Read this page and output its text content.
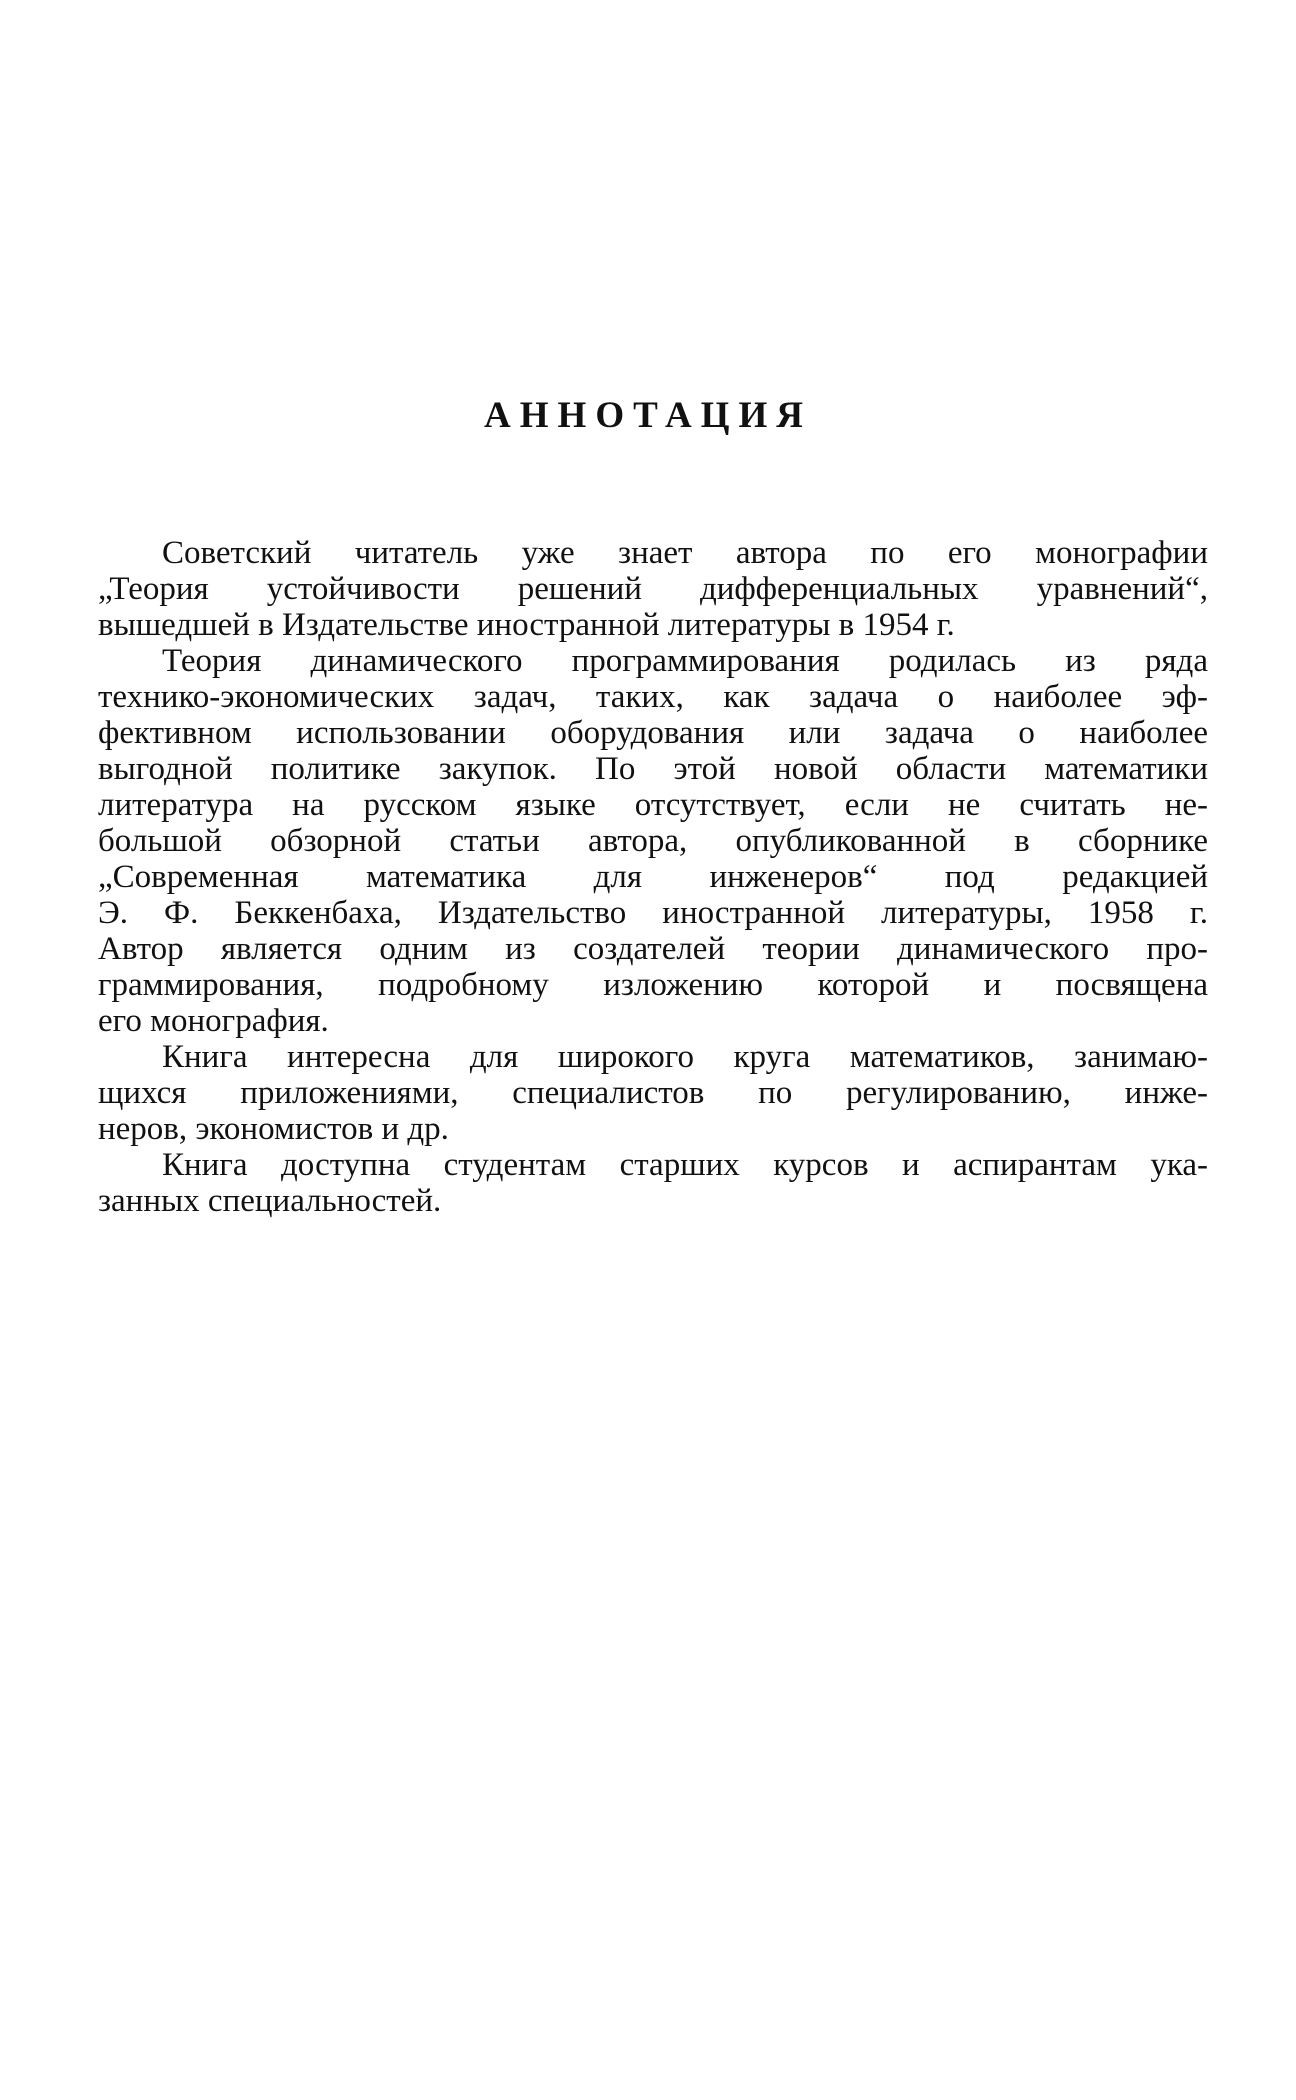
АННОТАЦИЯ
Советский читатель уже знает автора по его монографии
„Теория устойчивости решений дифференциальных уравнений“,
вышедшей в Издательстве иностранной литературы в 1954 г.
Теория динамического программирования родилась из ряда
технико-экономических задач, таких, как задача о наиболее эф-
фективном использовании оборудования или задача о наиболее
выгодной политике закупок. По этой новой области математики
литература на русском языке отсутствует, если не считать не-
большой обзорной статьи автора, опубликованной в сборнике
„Современная математика для инженеров“ под редакцией
Э. Ф. Беккенбаха, Издательство иностранной литературы, 1958 г.
Автор является одним из создателей теории динамического про-
граммирования, подробному изложению которой и посвящена
его монография.
Книга интересна для широкого круга математиков, занимаю-
щихся приложениями, специалистов по регулированию, инже-
неров, экономистов и др.
Книга доступна студентам старших курсов и аспирантам ука-
занных специальностей.
